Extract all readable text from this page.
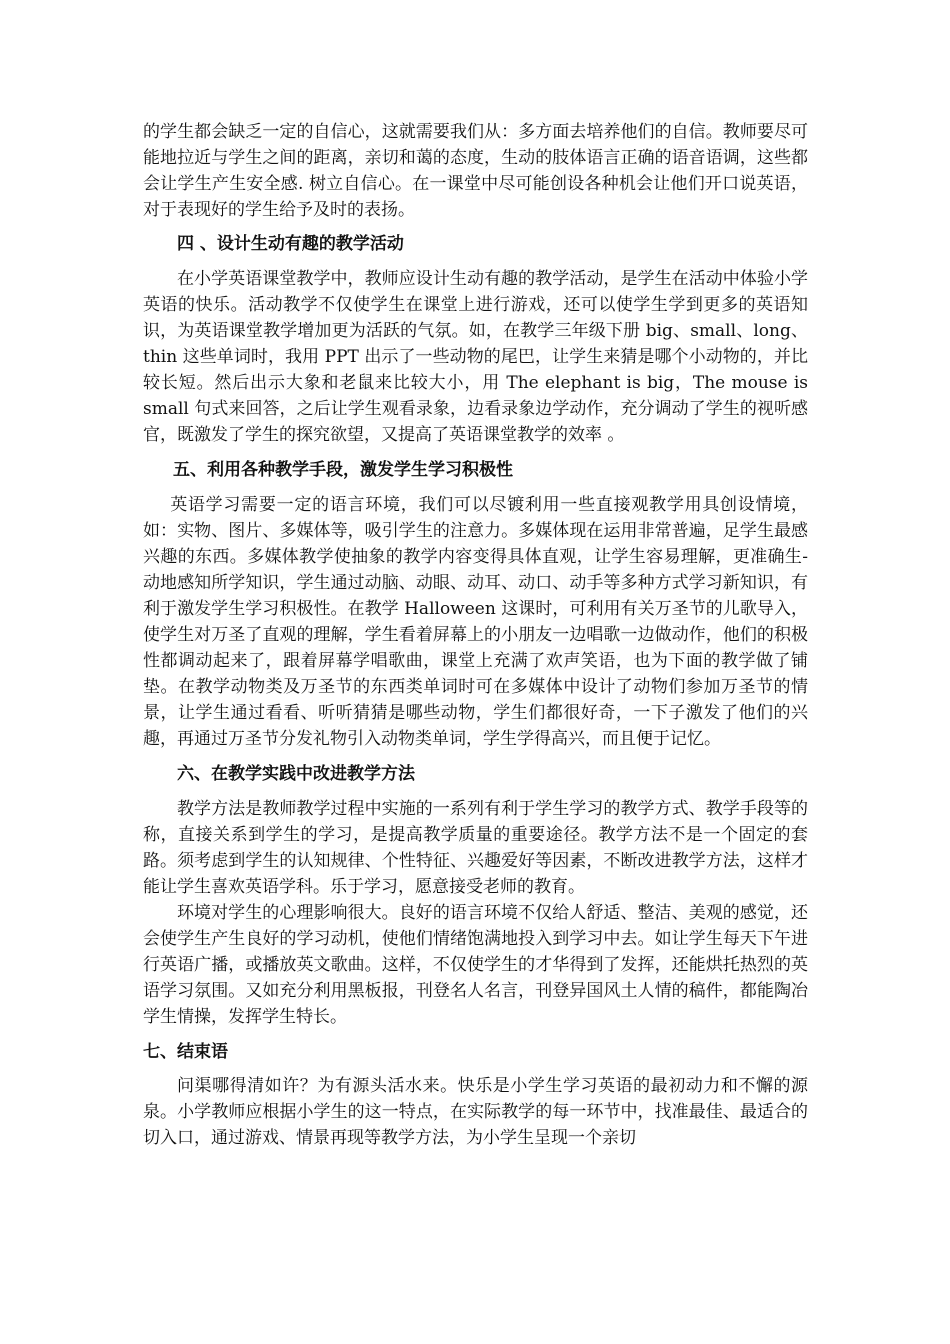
的学生都会缺乏一定的自信心，这就需要我们从：多方面去培养他们的自信。教师要尽可能地拉近与学生之间的距离，亲切和蔼的态度，生动的肢体语言正确的语音语调，这些都会让学生产生安全感. 树立自信心。在一课堂中尽可能创设各种机会让他们开口说英语，对于表现好的学生给予及时的表扬。

四 、设计生动有趣的教学活动

在小学英语课堂教学中，教师应设计生动有趣的教学活动，是学生在活动中体验小学英语的快乐。活动教学不仅使学生在课堂上进行游戏，还可以使学生学到更多的英语知识，为英语课堂教学增加更为活跃的气氛。如，在教学三年级下册 big、small、long、thin 这些单词时，我用 PPT 出示了一些动物的尾巴，让学生来猜是哪个小动物的，并比较长短。然后出示大象和老鼠来比较大小，用 The elephant is big，The mouse is small 句式来回答，之后让学生观看录象，边看录象边学动作，充分调动了学生的视听感官，既激发了学生的探究欲望，又提高了英语课堂教学的效率 。

五、利用各种教学手段，激发学生学习积极性

英语学习需要一定的语言环境，我们可以尽镀利用一些直接观教学用具创设情境，如：实物、图片、多媒体等，吸引学生的注意力。多媒体现在运用非常普遍，足学生最感兴趣的东西。多媒体教学使抽象的教学内容变得具体直观，让学生容易理解，更准确生-动地感知所学知识，学生通过动脑、动眼、动耳、动口、动手等多种方式学习新知识，有利于激发学生学习积极性。在教学 Halloween 这课时，可利用有关万圣节的儿歌导入，使学生对万圣了直观的理解，学生看着屏幕上的小朋友一边唱歌一边做动作，他们的积极性都调动起来了，跟着屏幕学唱歌曲，课堂上充满了欢声笑语，也为下面的教学做了铺垫。在教学动物类及万圣节的东西类单词时可在多媒体中设计了动物们参加万圣节的情景，让学生通过看看、听听猜猜是哪些动物，学生们都很好奇，一下子激发了他们的兴趣，再通过万圣节分发礼物引入动物类单词，学生学得高兴，而且便于记忆。

六、在教学实践中改进教学方法

教学方法是教师教学过程中实施的一系列有利于学生学习的教学方式、教学手段等的称，直接关系到学生的学习，是提高教学质量的重要途径。教学方法不是一个固定的套路。须考虑到学生的认知规律、个性特征、兴趣爱好等因素，不断改进教学方法，这样才能让学生喜欢英语学科。乐于学习，愿意接受老师的教育。

环境对学生的心理影响很大。良好的语言环境不仅给人舒适、整洁、美观的感觉，还会使学生产生良好的学习动机，使他们情绪饱满地投入到学习中去。如让学生每天下午进行英语广播，或播放英文歌曲。这样，不仅使学生的才华得到了发挥，还能烘托热烈的英语学习氛围。又如充分利用黑板报，刊登名人名言，刊登异国风土人情的稿件，都能陶冶学生情操，发挥学生特长。

七、结束语

问渠哪得清如许？为有源头活水来。快乐是小学生学习英语的最初动力和不懈的源泉。小学教师应根据小学生的这一特点，在实际教学的每一环节中，找准最佳、最适合的切入口，通过游戏、情景再现等教学方法，为小学生呈现一个亲切
